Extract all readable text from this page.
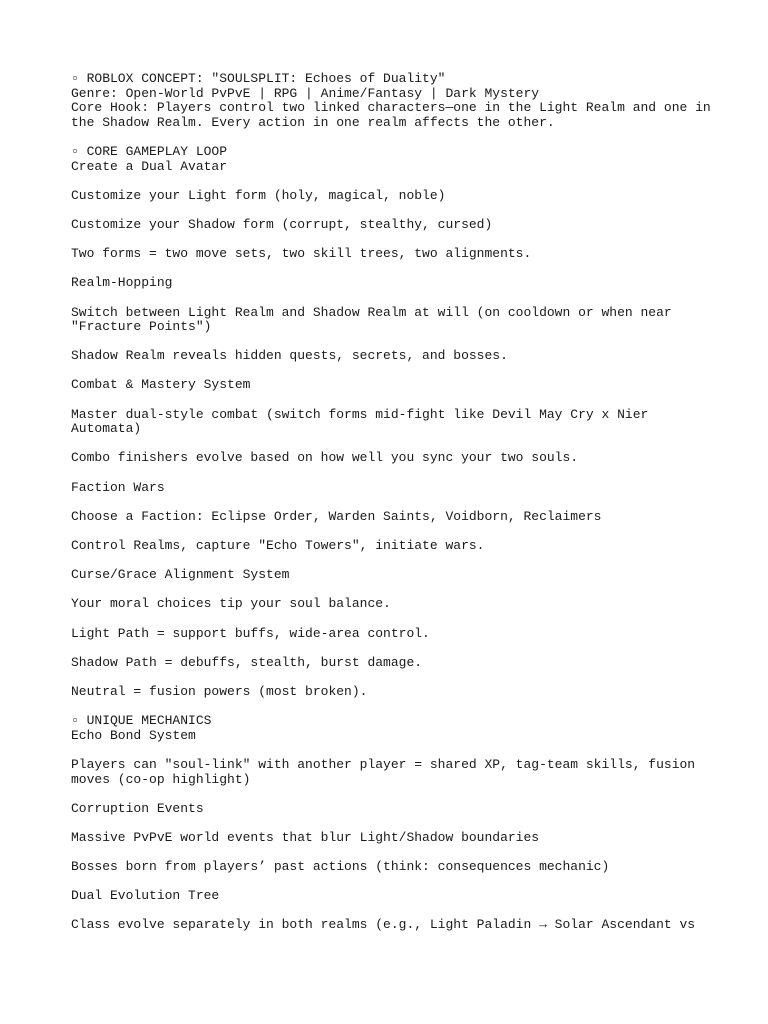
▫ ROBLOX CONCEPT: "SOULSPLIT: Echoes of Duality"
Genre: Open-World PvPvE | RPG | Anime/Fantasy | Dark Mystery
Core Hook: Players control two linked characters—one in the Light Realm and one in
the Shadow Realm. Every action in one realm affects the other.
▫ CORE GAMEPLAY LOOP
Create a Dual Avatar
Customize your Light form (holy, magical, noble)
Customize your Shadow form (corrupt, stealthy, cursed)
Two forms = two move sets, two skill trees, two alignments.
Realm-Hopping
Switch between Light Realm and Shadow Realm at will (on cooldown or when near
"Fracture Points")
Shadow Realm reveals hidden quests, secrets, and bosses.
Combat & Mastery System
Master dual-style combat (switch forms mid-fight like Devil May Cry x Nier
Automata)
Combo finishers evolve based on how well you sync your two souls.
Faction Wars
Choose a Faction: Eclipse Order, Warden Saints, Voidborn, Reclaimers
Control Realms, capture "Echo Towers", initiate wars.
Curse/Grace Alignment System
Your moral choices tip your soul balance.
Light Path = support buffs, wide-area control.
Shadow Path = debuffs, stealth, burst damage.
Neutral = fusion powers (most broken).
▫ UNIQUE MECHANICS
Echo Bond System
Players can "soul-link" with another player = shared XP, tag-team skills, fusion
moves (co-op highlight)
Corruption Events
Massive PvPvE world events that blur Light/Shadow boundaries
Bosses born from players’ past actions (think: consequences mechanic)
Dual Evolution Tree
Class evolve separately in both realms (e.g., Light Paladin → Solar Ascendant vs
